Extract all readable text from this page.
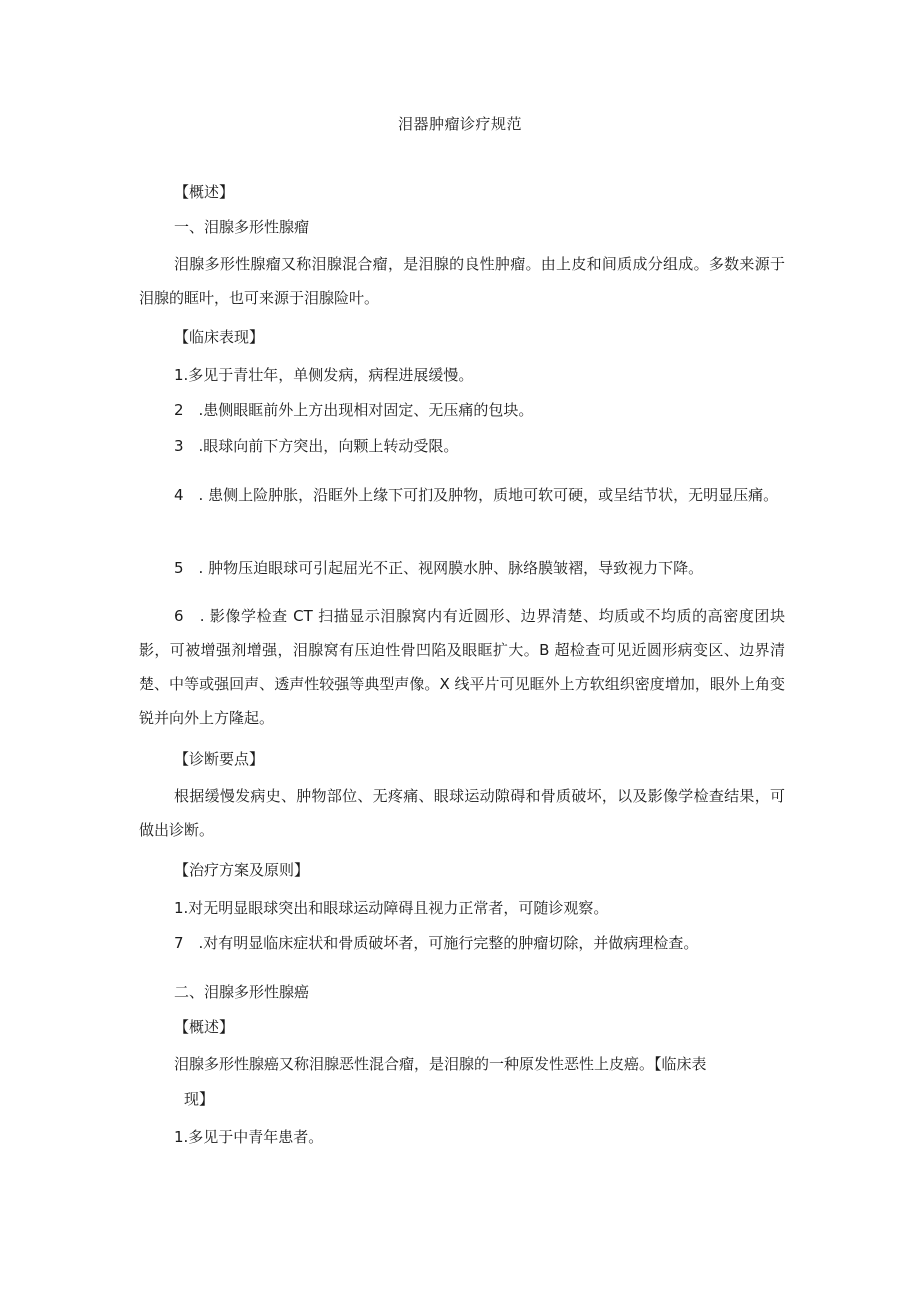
泪器肿瘤诊疗规范
【概述】
一、泪腺多形性腺瘤
泪腺多形性腺瘤又称泪腺混合瘤，是泪腺的良性肿瘤。由上皮和间质成分组成。多数来源于泪腺的眶叶，也可来源于泪腺险叶。
【临床表现】
1.多见于青壮年，单侧发病，病程进展缓慢。
2　.患侧眼眶前外上方出现相对固定、无压痛的包块。
3　.眼球向前下方突出，向颗上转动受限。
4　. 患侧上险肿胀，沿眶外上缘下可扪及肿物，质地可软可硬，或呈结节状，无明显压痛。
5　. 肿物压迫眼球可引起屈光不正、视网膜水肿、脉络膜皱褶，导致视力下降。
6　. 影像学检查 CT 扫描显示泪腺窝内有近圆形、边界清楚、均质或不均质的高密度团块影，可被增强剂增强，泪腺窝有压迫性骨凹陷及眼眶扩大。B 超检查可见近圆形病变区、边界清楚、中等或强回声、透声性较强等典型声像。X 线平片可见眶外上方软组织密度增加，眼外上角变锐并向外上方隆起。
【诊断要点】
根据缓慢发病史、肿物部位、无疼痛、眼球运动隙碍和骨质破坏，以及影像学检查结果，可做出诊断。
【治疗方案及原则】
1.对无明显眼球突出和眼球运动障碍且视力正常者，可随诊观察。
7　.对有明显临床症状和骨质破坏者，可施行完整的肿瘤切除，并做病理检查。
二、泪腺多形性腺癌
【概述】
泪腺多形性腺癌又称泪腺恶性混合瘤，是泪腺的一种原发性恶性上皮癌。【临床表
现】
1.多见于中青年患者。
